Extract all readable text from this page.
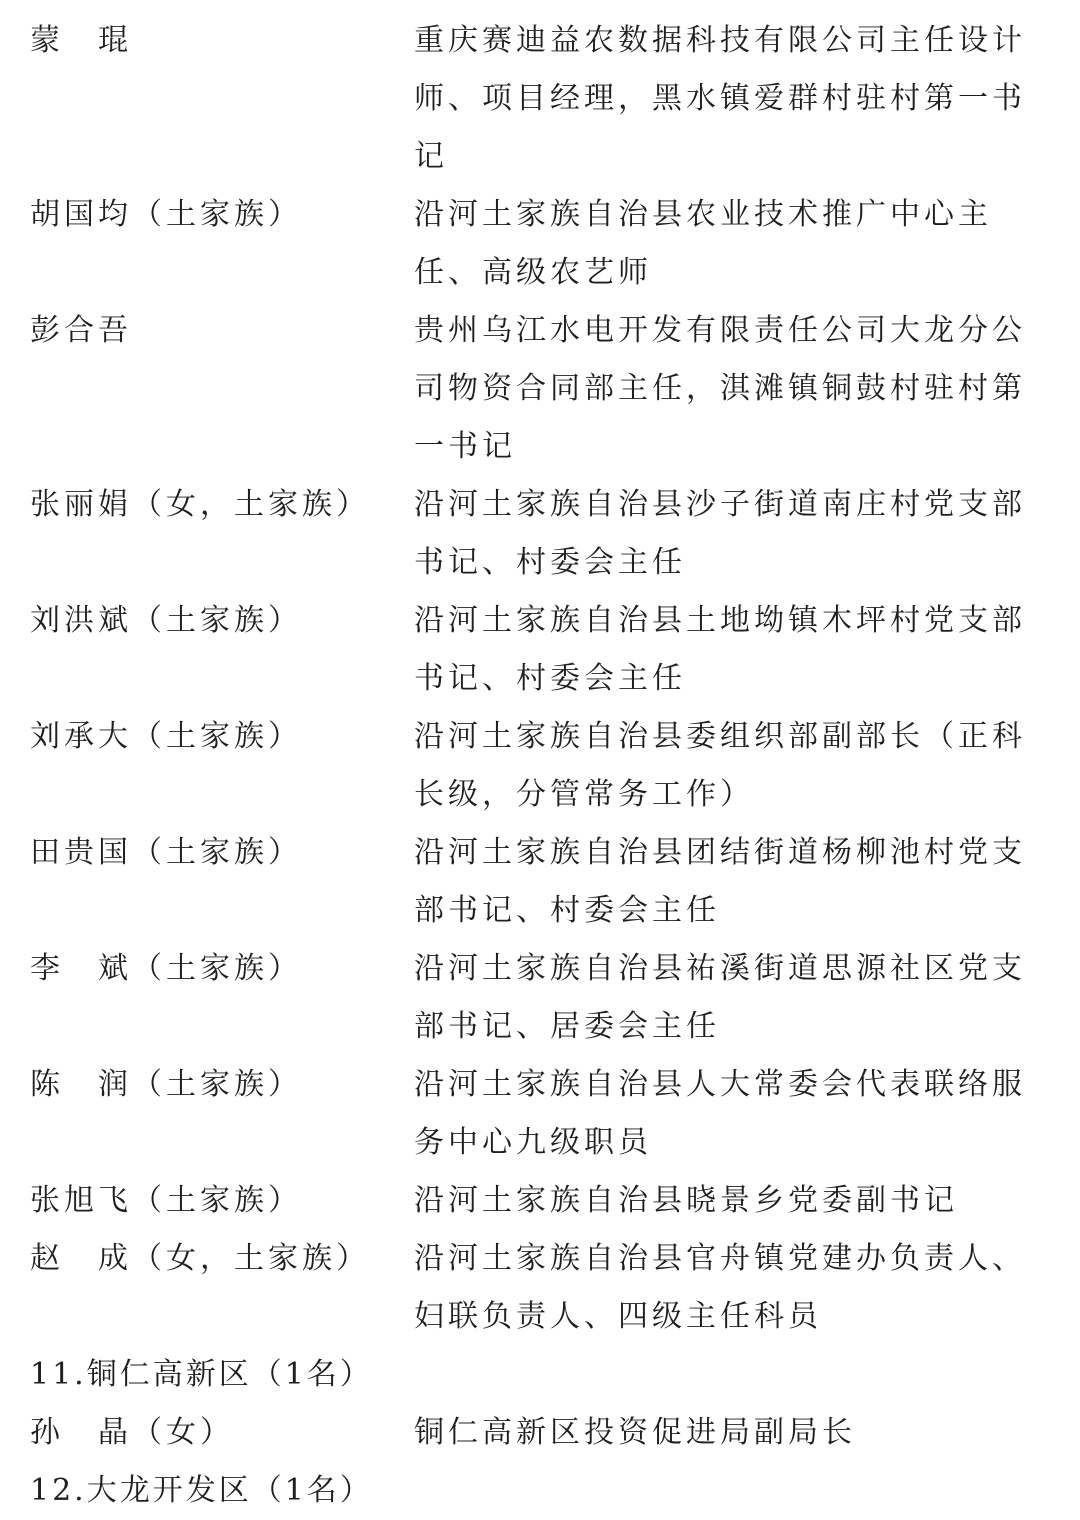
蒙　琨	重庆赛迪益农数据科技有限公司主任设计师、项目经理，黑水镇爱群村驻村第一书记
胡国均（土家族）	沿河土家族自治县农业技术推广中心主任、高级农艺师
彭合吾	贵州乌江水电开发有限责任公司大龙分公司物资合同部主任，淇滩镇铜鼓村驻村第一书记
张丽娟（女，土家族）	沿河土家族自治县沙子街道南庄村党支部书记、村委会主任
刘洪斌（土家族）	沿河土家族自治县土地坳镇木坪村党支部书记、村委会主任
刘承大（土家族）	沿河土家族自治县委组织部副部长（正科长级，分管常务工作）
田贵国（土家族）	沿河土家族自治县团结街道杨柳池村党支部书记、村委会主任
李　斌（土家族）	沿河土家族自治县祐溪街道思源社区党支部书记、居委会主任
陈　润（土家族）	沿河土家族自治县人大常委会代表联络服务中心九级职员
张旭飞（土家族）	沿河土家族自治县晓景乡党委副书记
赵　成（女，土家族）	沿河土家族自治县官舟镇党建办负责人、妇联负责人、四级主任科员
11.铜仁高新区（1名）
孙　晶（女）	铜仁高新区投资促进局副局长
12.大龙开发区（1名）
